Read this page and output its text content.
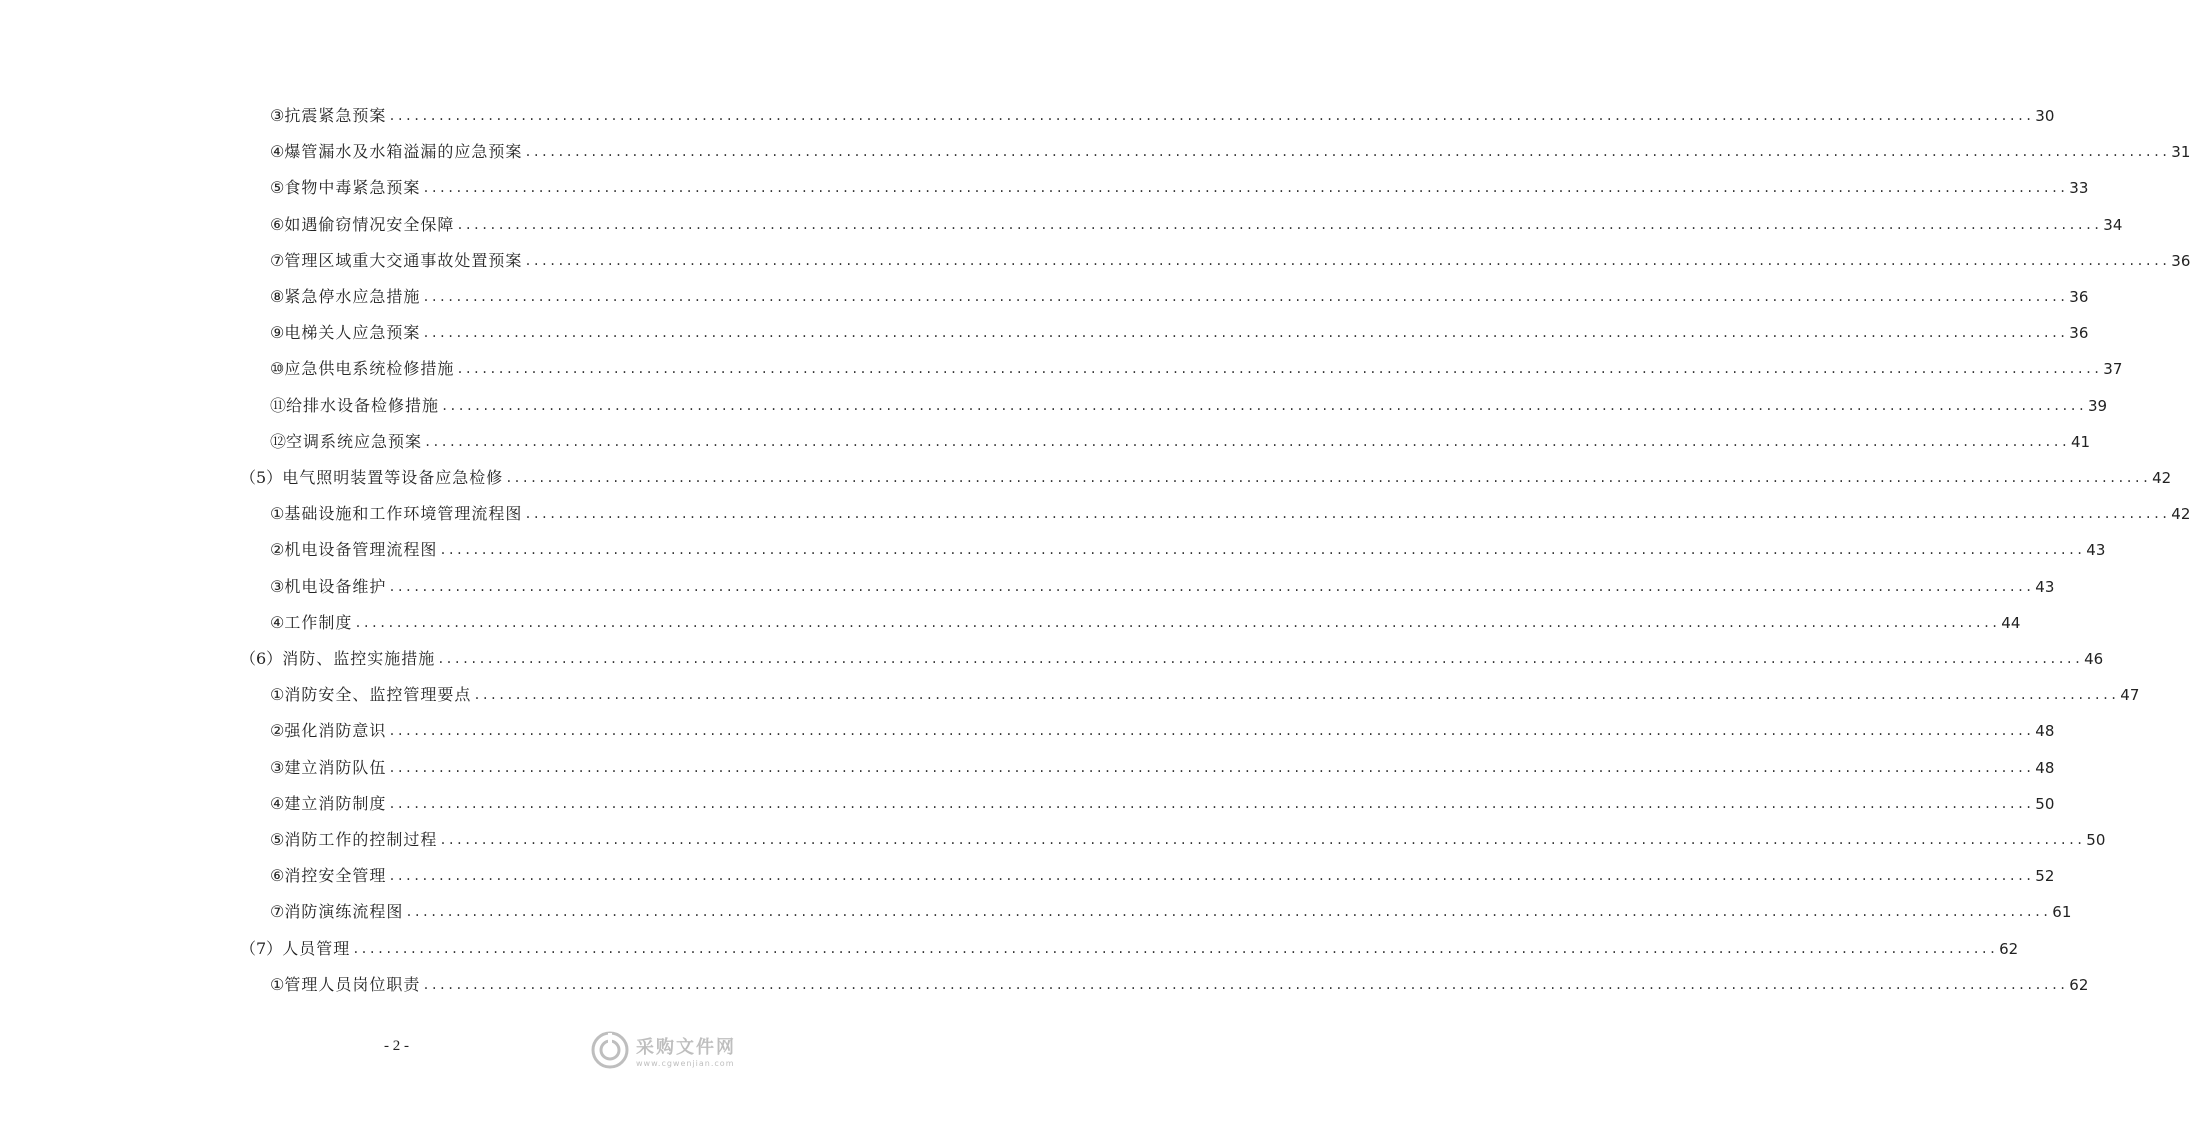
③ 抗震紧急预案 ........................................................................................................................................................................................................ 30
④ 爆管漏水及水箱溢漏的应急预案 ........................................................................................................................................................................................................ 31
⑤ 食物中毒紧急预案 ........................................................................................................................................................................................................ 33
⑥ 如遇偷窃情况安全保障 ........................................................................................................................................................................................................ 34
⑦ 管理区域重大交通事故处置预案 ........................................................................................................................................................................................................ 36
⑧ 紧急停水应急措施 ........................................................................................................................................................................................................ 36
⑨ 电梯关人应急预案 ........................................................................................................................................................................................................ 36
⑩ 应急供电系统检修措施 ........................................................................................................................................................................................................ 37
⑪ 给排水设备检修措施 ........................................................................................................................................................................................................ 39
⑫ 空调系统应急预案 ........................................................................................................................................................................................................ 41
（5） 电气照明装置等设备应急检修 ........................................................................................................................................................................................................ 42
① 基础设施和工作环境管理流程图 ........................................................................................................................................................................................................ 42
② 机电设备管理流程图 ........................................................................................................................................................................................................ 43
③ 机电设备维护 ........................................................................................................................................................................................................ 43
④ 工作制度 ........................................................................................................................................................................................................ 44
（6） 消防、监控实施措施 ........................................................................................................................................................................................................ 46
① 消防安全、监控管理要点 ........................................................................................................................................................................................................ 47
② 强化消防意识 ........................................................................................................................................................................................................ 48
③ 建立消防队伍 ........................................................................................................................................................................................................ 48
④ 建立消防制度 ........................................................................................................................................................................................................ 50
⑤ 消防工作的控制过程 ........................................................................................................................................................................................................ 50
⑥ 消控安全管理 ........................................................................................................................................................................................................ 52
⑦ 消防演练流程图 ........................................................................................................................................................................................................ 61
（7） 人员管理 ........................................................................................................................................................................................................ 62
① 管理人员岗位职责 ........................................................................................................................................................................................................ 62
- 2 -	采购文件网
www.cgwenjian.com
